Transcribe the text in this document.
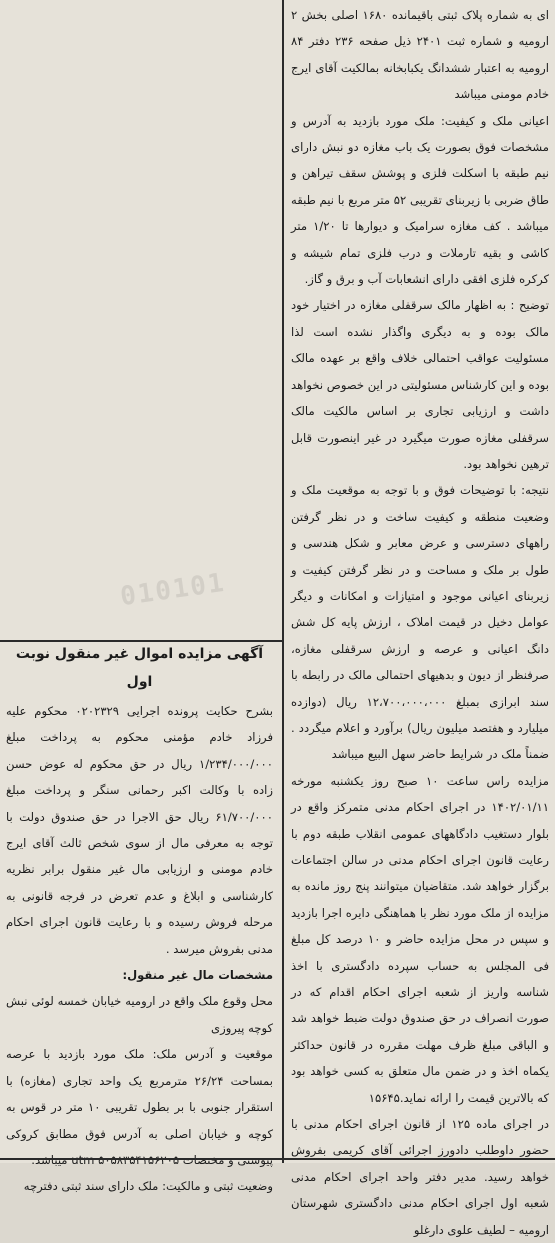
010101

ای به شماره پلاک ثبتی باقیمانده ۱۶۸۰ اصلی بخش ۲ ارومیه و شماره ثبت ۲۴۰۱ ذیل صفحه ۲۳۶ دفتر ۸۴ ارومیه به اعتبار ششدانگ یکبابخانه بمالکیت آقای ایرج خادم مومنی میباشد

اعیانی ملک و کیفیت: ملک مورد بازدید به آدرس و مشخصات فوق بصورت یک باب مغازه دو نبش دارای نیم طبقه با اسکلت فلزی و پوشش سقف تیراهن و طاق ضربی با زیربنای تقریبی ۵۲ متر مربع با نیم طبقه میباشد . کف مغازه سرامیک و دیوارها تا ۱/۲۰ متر کاشی و بقیه تارملات و درب فلزی تمام شیشه و کرکره فلزی افقی دارای انشعابات آب و برق و گاز.

توضیح : به اظهار مالک سرقفلی مغازه در اختیار خود مالک بوده و به دیگری واگذار نشده است لذا مسئولیت عواقب احتمالی خلاف واقع بر عهده مالک بوده و این کارشناس مسئولیتی در این خصوص نخواهد داشت و ارزیابی تجاری بر اساس مالکیت مالک سرقفلی مغازه صورت میگیرد در غیر اینصورت قابل ترهین نخواهد بود.

نتیجه: با توضیحات فوق و با توجه به موقعیت ملک و وضعیت منطقه و کیفیت ساخت و در نظر گرفتن راههای دسترسی و عرض معابر و شکل هندسی و طول بر ملک و مساحت و در نظر گرفتن کیفیت و زیربنای اعیانی موجود و امتیازات و امکانات و دیگر عوامل دخیل در قیمت املاک ، ارزش پایه کل شش دانگ اعیانی و عرصه و ارزش سرقفلی مغازه، صرفنظر از دیون و بدهیهای احتمالی مالک در رابطه با سند ابرازی بمبلغ ۱۲،۷۰۰،۰۰۰،۰۰۰ ریال (دوازده میلیارد و هفتصد میلیون ریال) برآورد و اعلام میگردد . ضمناً ملک در شرایط حاضر سهل البیع میباشد

مزایده راس ساعت ۱۰ صبح روز یکشنبه مورخه ۱۴۰۲/۰۱/۱۱ در اجرای احکام مدنی متمرکز واقع در بلوار دستغیب دادگاههای عمومی انقلاب طبقه دوم با رعایت قانون اجرای احکام مدنی در سالن اجتماعات برگزار خواهد شد. متقاضیان میتوانند پنج روز مانده به مزایده از ملک مورد نظر با هماهنگی دایره اجرا بازدید و سپس در محل مزایده حاضر و ۱۰ درصد کل مبلغ فی المجلس به حساب سپرده دادگستری با اخذ شناسه واریز از شعبه اجرای احکام اقدام که در صورت انصراف در حق صندوق دولت ضبط خواهد شد و الباقی مبلغ ظرف مهلت مقرره در قانون حداکثر یکماه اخذ و در ضمن مال متعلق به کسی خواهد بود که بالاترین قیمت را ارائه نماید.۱۵۶۴۵

در اجرای ماده ۱۲۵ از قانون اجرای احکام مدنی با حضور داوطلب دادورز اجرائی آقای کریمی بفروش خواهد رسید. مدیر دفتر واحد اجرای احکام مدنی شعبه اول اجرای احکام مدنی دادگستری شهرستان ارومیه – لطیف علوی دارغلو

آگهی مزایده اموال غیر منقول نوبت اول

بشرح حکایت پرونده اجرایی ۰۲۰۲۳۲۹ محکوم علیه فرزاد خادم مؤمنی محکوم به پرداخت مبلغ ۱/۲۳۴/۰۰۰/۰۰۰ ریال در حق محکوم له عوض حسن زاده با وکالت اکبر رحمانی سنگر و پرداخت مبلغ ۶۱/۷۰۰/۰۰۰ ریال حق الاجرا در حق صندوق دولت با توجه به معرفی مال از سوی شخص ثالث آقای ایرج خادم مومنی و ارزیابی مال غیر منقول برابر نظریه کارشناسی و ابلاغ و عدم تعرض در فرجه قانونی به مرحله فروش رسیده و با رعایت قانون اجرای احکام مدنی بفروش میرسد .

مشخصات مال غیر منقول:

محل وقوع ملک واقع در ارومیه خیابان خمسه لوئی نبش کوچه پیروزی

موقعیت و آدرس ملک: ملک مورد بازدید با عرصه بمساحت ۲۶/۲۴ مترمربع یک واحد تجاری (مغازه) با استقرار جنوبی با بر بطول تقریبی ۱۰ متر در قوس به کوچه و خیابان اصلی به آدرس فوق مطابق کروکی

وضعیت ثبتی و مالکیت: ملک دارای سند ثبتی دفترچه
